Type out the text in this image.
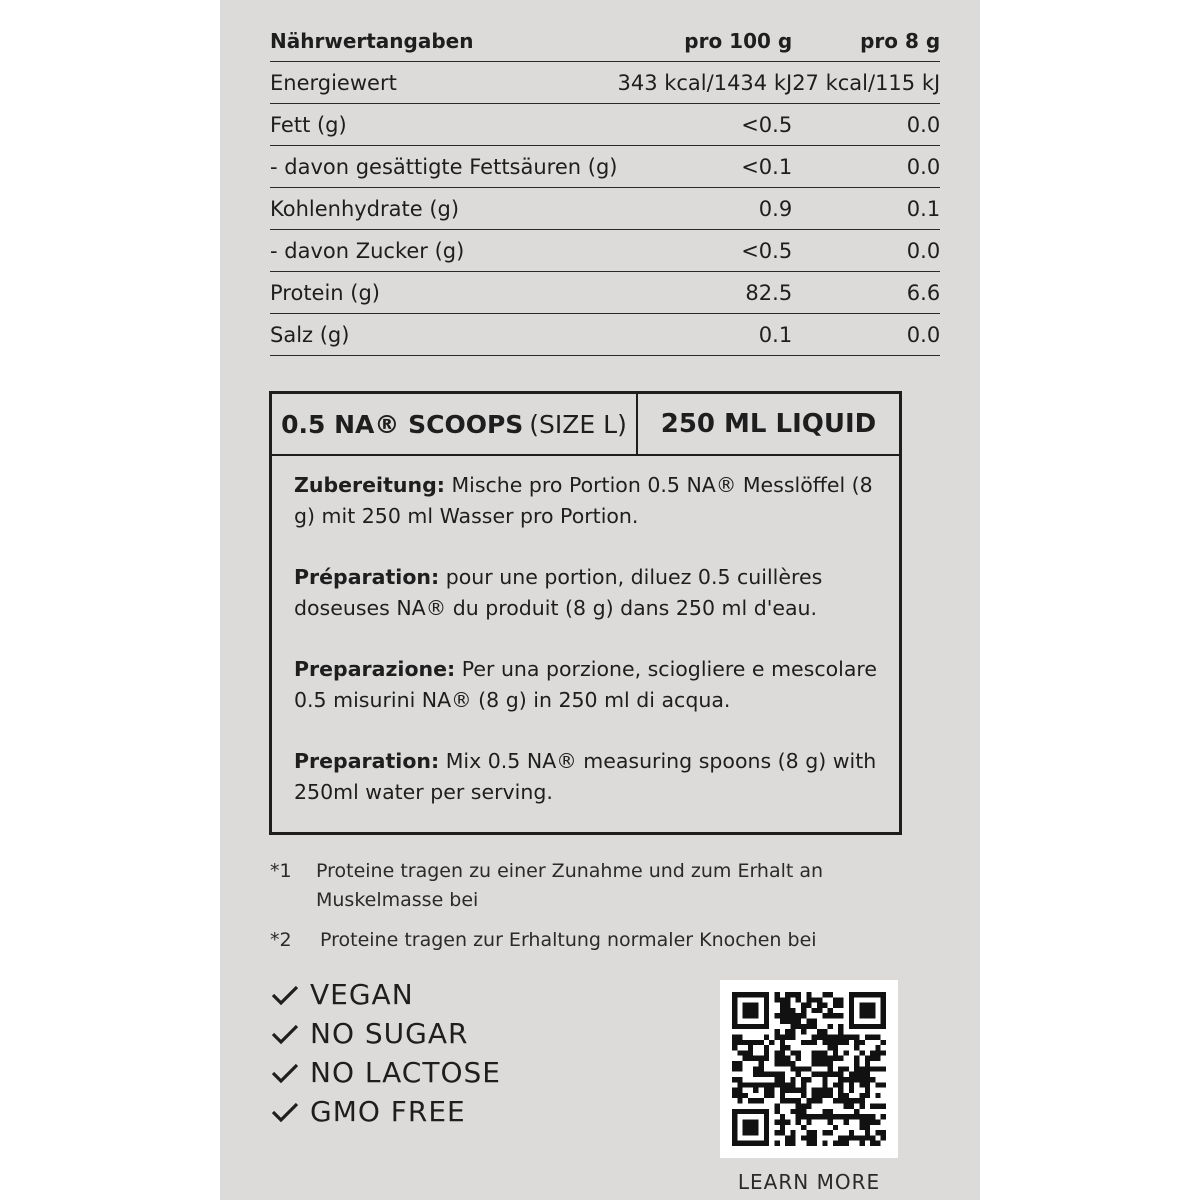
Nährwertangaben	pro 100 g	pro 8 g
Energiewert	343 kcal/1434 kJ	27 kcal/115 kJ
Fett (g)	<0.5	0.0
- davon gesättigte Fettsäuren (g)	<0.1	0.0
Kohlenhydrate (g)	0.9	0.1
- davon Zucker (g)	<0.5	0.0
Protein (g)	82.5	6.6
Salz (g)	0.1	0.0
0.5 NA® SCOOPS (SIZE L)	250 ML LIQUID

Zubereitung: Mische pro Portion 0.5 NA® Messlöffel (8 g) mit 250 ml Wasser pro Portion.

Préparation: pour une portion, diluez 0.5 cuillères doseuses NA® du produit (8 g) dans 250 ml d'eau.

Preparazione: Per una porzione, sciogliere e mescolare 0.5 misurini NA® (8 g) in 250 ml di acqua.

Preparation: Mix 0.5 NA® measuring spoons (8 g) with 250ml water per serving.

*1 Proteine tragen zu einer Zunahme und zum Erhalt an
Muskelmasse bei
*2 Proteine tragen zur Erhaltung normaler Knochen bei
VEGAN
NO SUGAR
NO LACTOSE
GMO FREE
LEARN MORE
